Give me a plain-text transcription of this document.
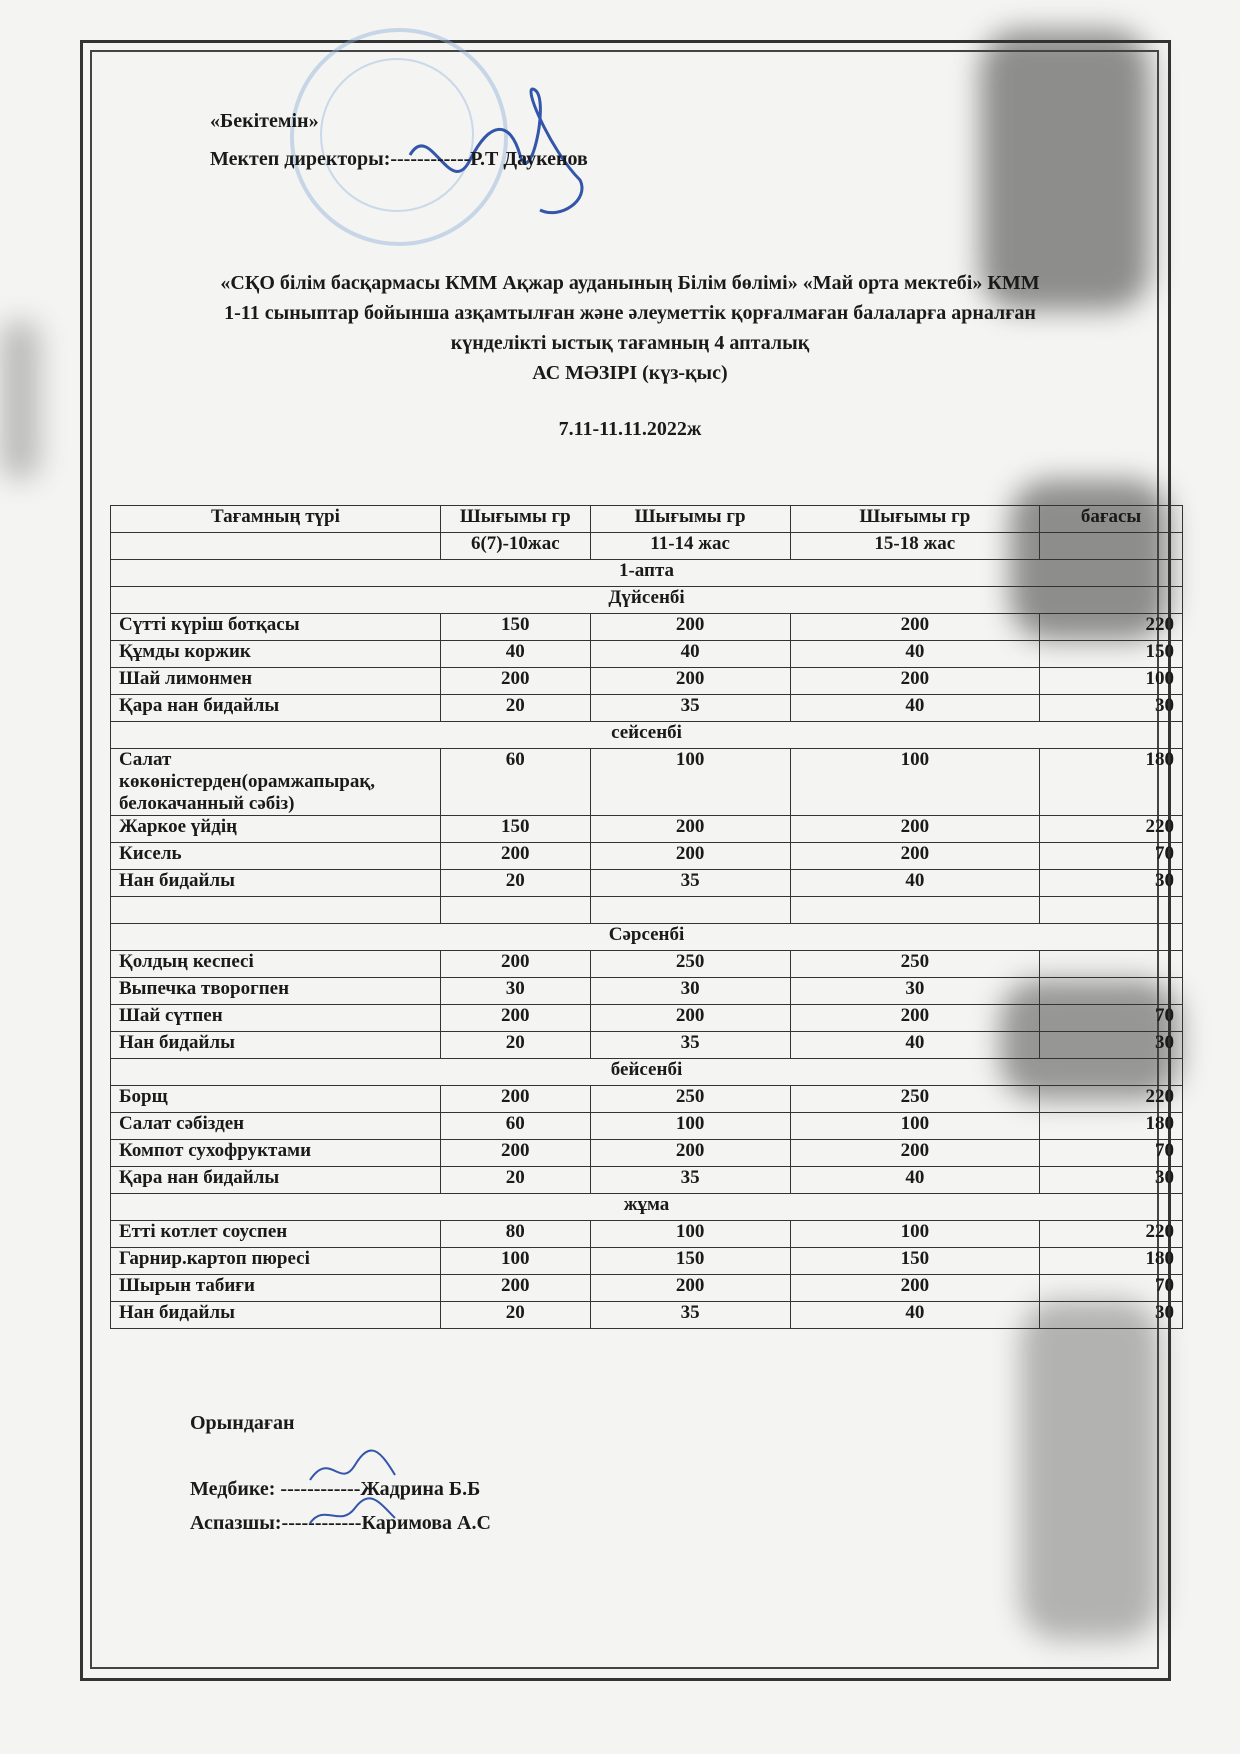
«Бекітемін»
Мектеп директоры:------------Р.Т Даукенов
«СҚО білім басқармасы КММ Ақжар ауданының Білім бөлімі» «Май орта мектебі» КММ
1-11 сыныптар бойынша азқамтылған және әлеуметтік қорғалмаған балаларға арналған
күнделікті ыстық тағамның 4 апталық
АС МӘЗІРІ (күз-қыс)
7.11-11.11.2022ж
Тағамның түрі	Шығымы гр	Шығымы гр	Шығымы гр	бағасы
	6(7)-10жас	11-14 жас	15-18 жас	
1-апта				
Дүйсенбі				
Сүтті күріш ботқасы	150	200	200	220
Құмды коржик	40	40	40	150
Шай лимонмен	200	200	200	100
Қара нан бидайлы	20	35	40	30
сейсенбі				
Салат көкөністерден(орамжапырақ, белокачанный сәбіз)	60	100	100	180
Жаркое үйдің	150	200	200	220
Кисель	200	200	200	70
Нан бидайлы	20	35	40	30

Сәрсенбі				
Қолдың кеспесі	200	250	250	
Выпечка творогпен	30	30	30	
Шай сүтпен	200	200	200	70
Нан бидайлы	20	35	40	30
бейсенбі				
Борщ	200	250	250	220
Салат сәбізден	60	100	100	180
Компот сухофруктами	200	200	200	70
Қара нан бидайлы	20	35	40	30
жұма				
Етті котлет соуспен	80	100	100	220
Гарнир.картоп пюресі	100	150	150	180
Шырын табиғи	200	200	200	70
Нан бидайлы	20	35	40	30
Орындаған
Медбике: ------------Жадрина Б.Б
Аспазшы:------------Каримова А.С
